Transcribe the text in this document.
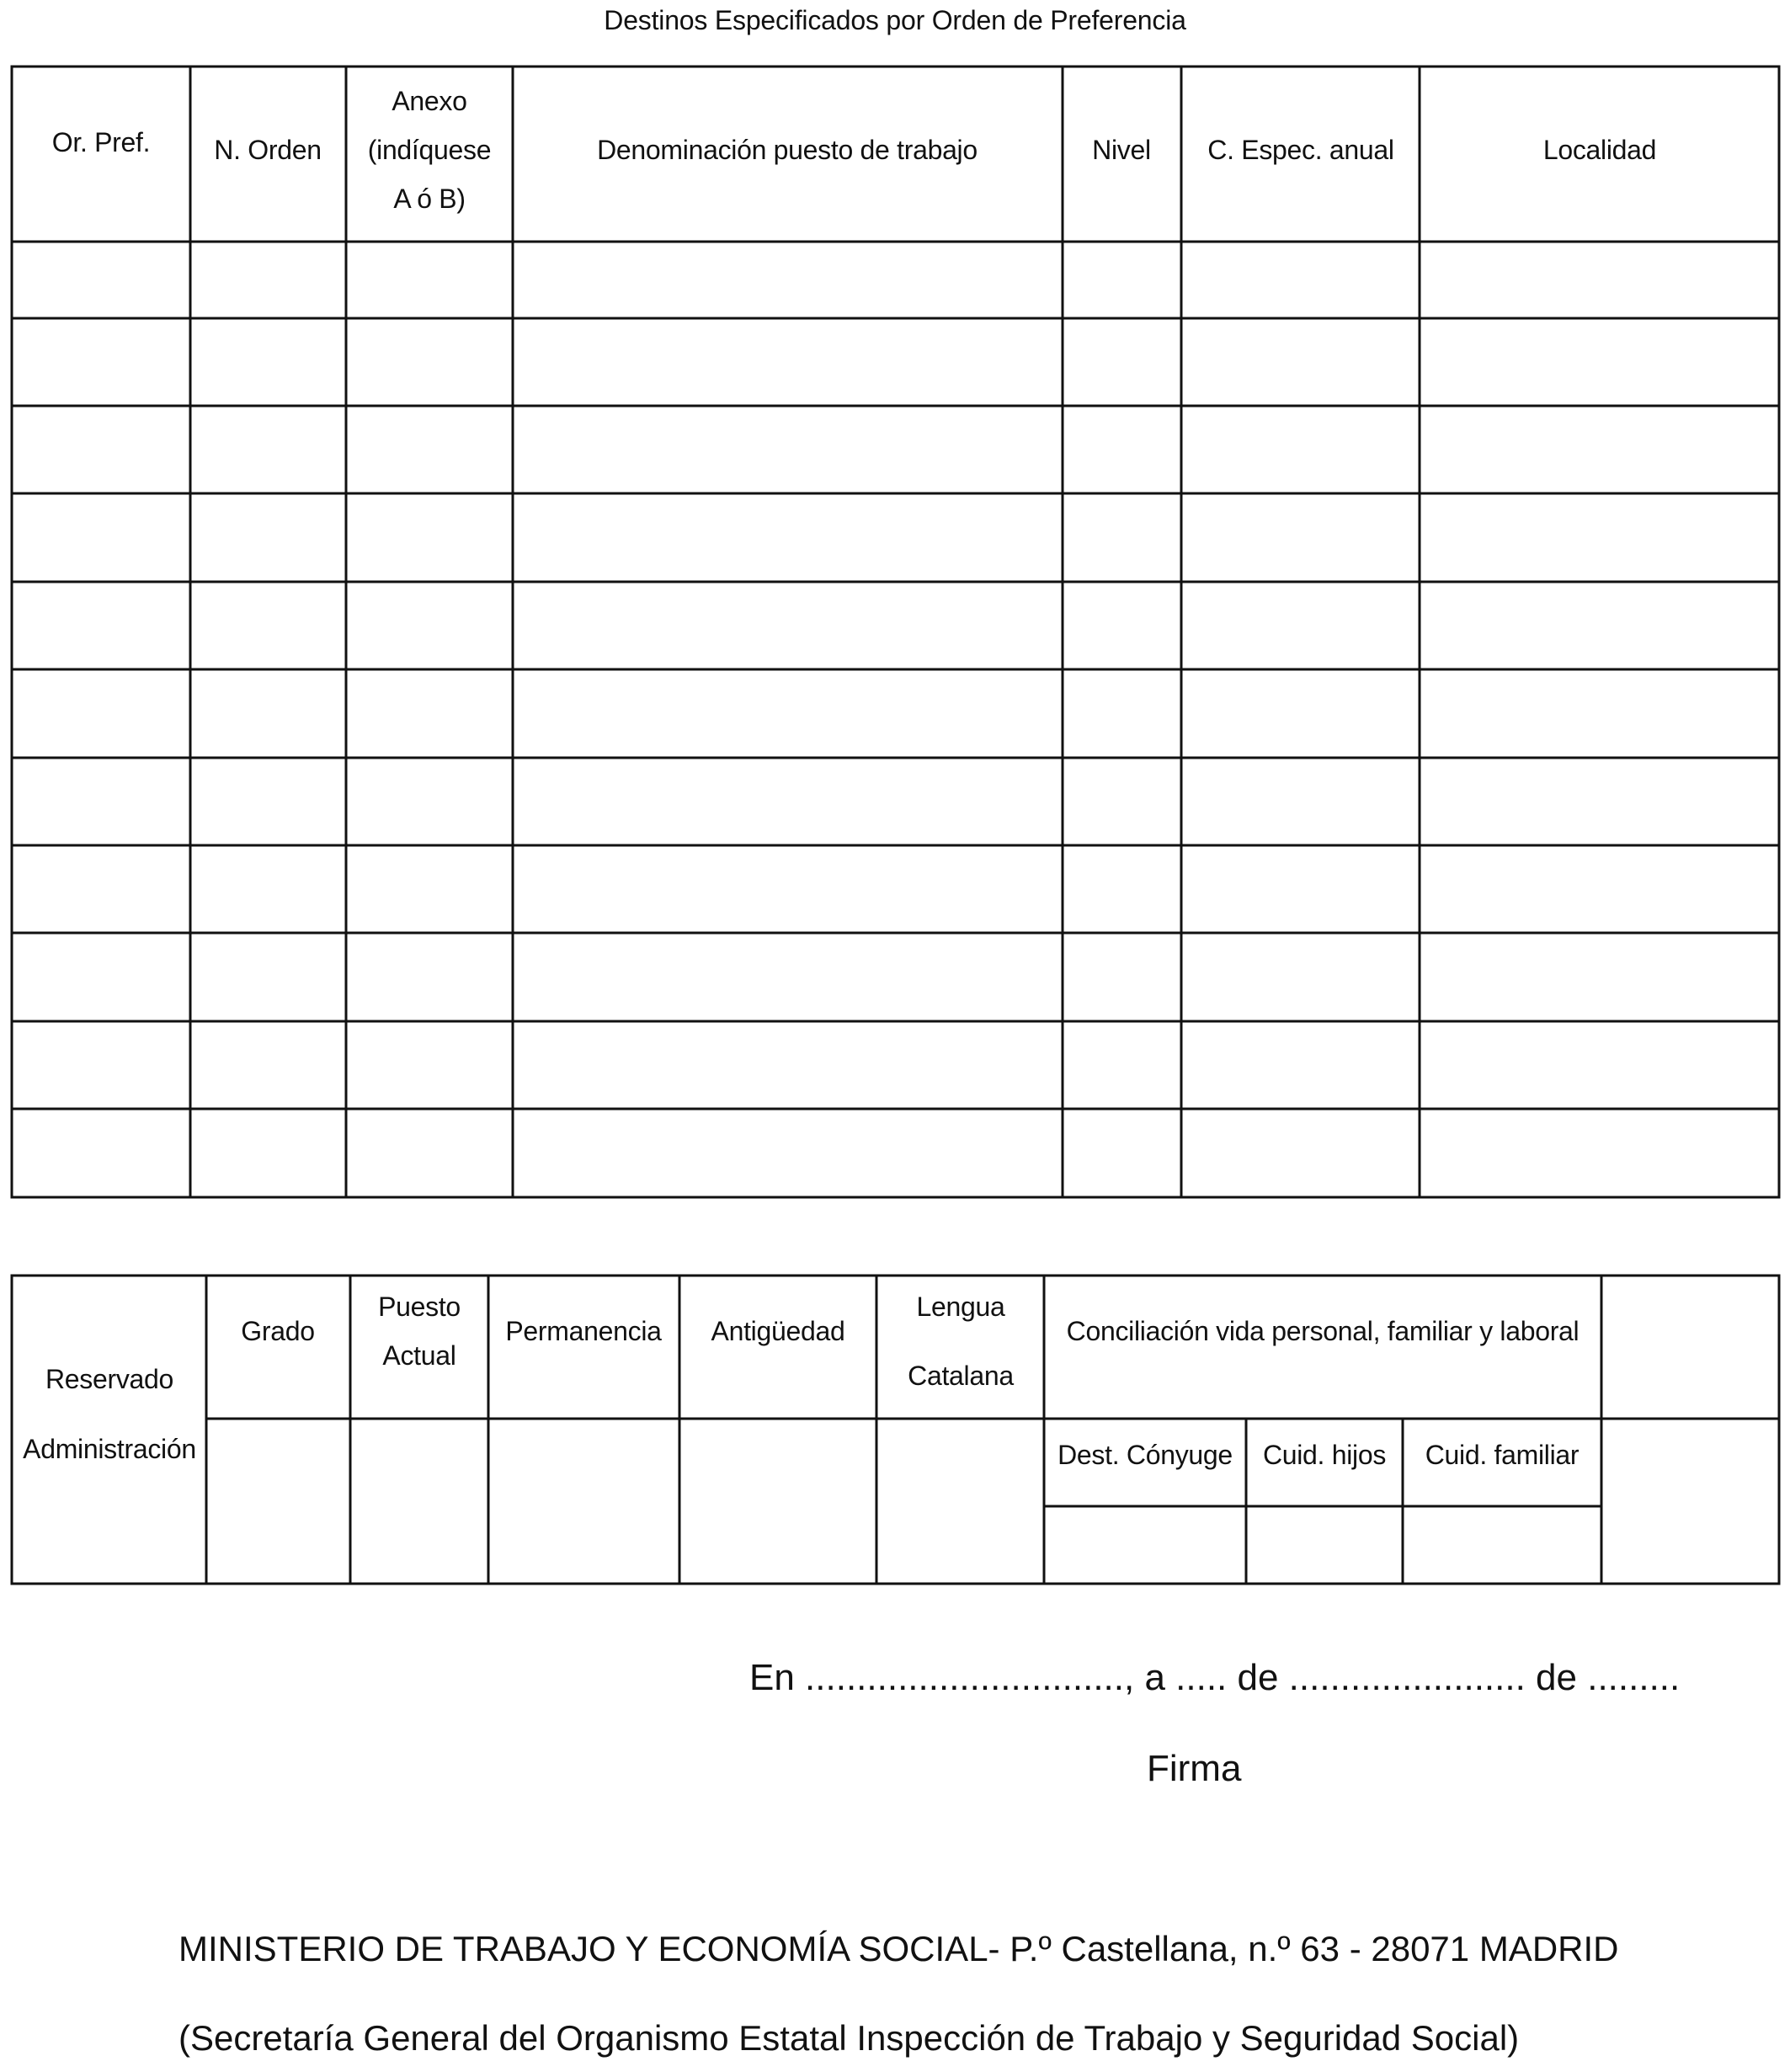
Destinos Especificados por Orden de Preferencia
Or. Pref. N. Orden
Anexo
(indíquese
A ó B)
Denominación puesto de trabajo	Nivel C. Espec. anual	Localidad
Reservado
Administración
Grado
Puesto
Actual
Permanencia Antigüedad
Lengua
Catalana
Conciliación vida personal, familiar y laboral
Dest. Cónyuge Cuid. hijos Cuid. familiar
En ..............................., a ..... de ....................... de .........
Firma
MINISTERIO DE TRABAJO Y ECONOMÍA SOCIAL- P.º Castellana, n.º 63 - 28071 MADRID
(Secretaría General del Organismo Estatal Inspección de Trabajo y Seguridad Social)
